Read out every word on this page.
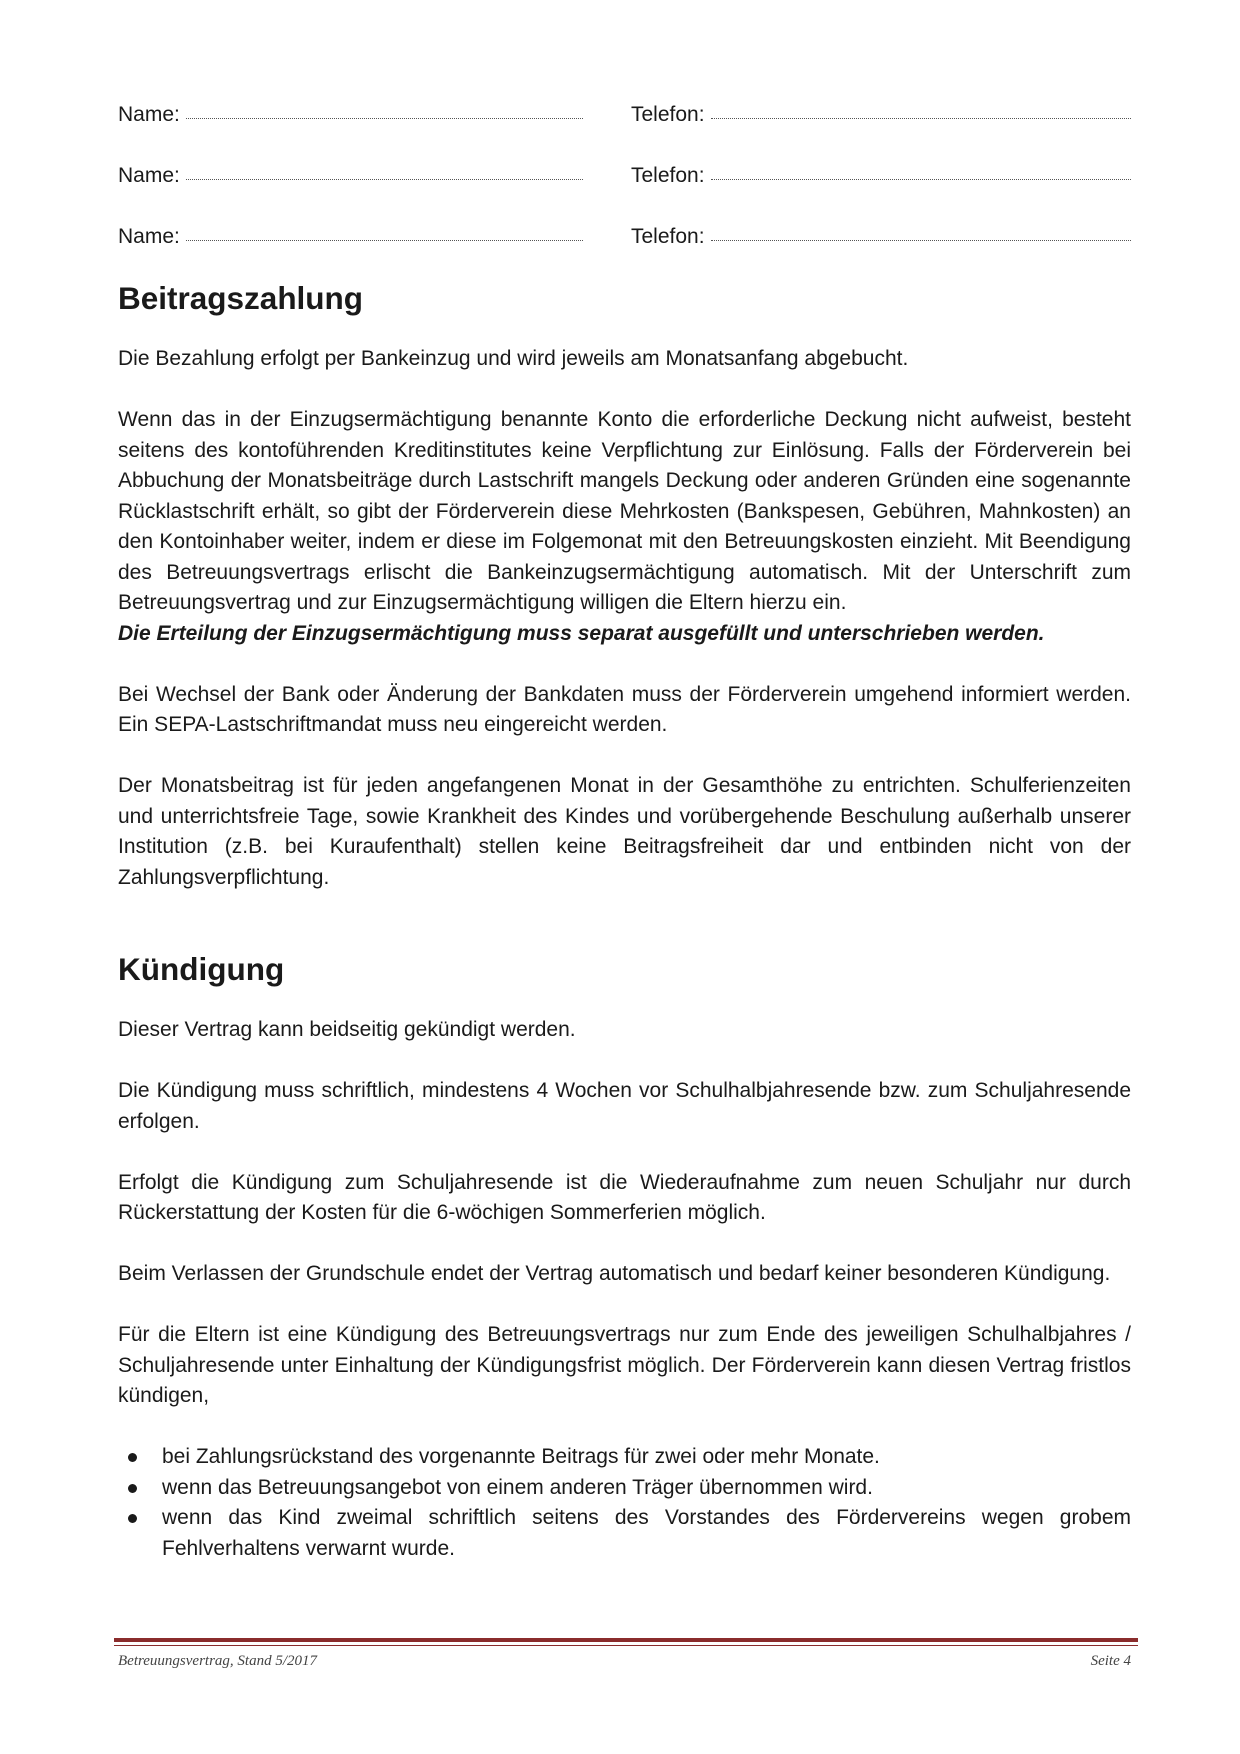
Name:	Telefon:
Name:	Telefon:
Name:	Telefon:
Beitragszahlung

Die Bezahlung erfolgt per Bankeinzug und wird jeweils am Monatsanfang abgebucht.

Wenn das in der Einzugsermächtigung benannte Konto die erforderliche Deckung nicht aufweist, besteht seitens des kontoführenden Kreditinstitutes keine Verpflichtung zur Einlösung. Falls der Förderverein bei Abbuchung der Monatsbeiträge durch Lastschrift mangels Deckung oder anderen Gründen eine sogenannte Rücklastschrift erhält, so gibt der Förderverein diese Mehrkosten (Bankspesen, Gebühren, Mahnkosten) an den Kontoinhaber weiter, indem er diese im Folgemonat mit den Betreuungskosten einzieht. Mit Beendigung des Betreuungsvertrags erlischt die Bankeinzugsermächtigung automatisch. Mit der Unterschrift zum Betreuungsvertrag und zur Einzugsermächtigung willigen die Eltern hierzu ein.

Die Erteilung der Einzugsermächtigung muss separat ausgefüllt und unterschrieben werden.

Bei Wechsel der Bank oder Änderung der Bankdaten muss der Förderverein umgehend informiert werden. Ein SEPA-Lastschriftmandat muss neu eingereicht werden.

Der Monatsbeitrag ist für jeden angefangenen Monat in der Gesamthöhe zu entrichten. Schulferienzeiten und unterrichtsfreie Tage, sowie Krankheit des Kindes und vorübergehende Beschulung außerhalb unserer Institution (z.B. bei Kuraufenthalt) stellen keine Beitragsfreiheit dar und entbinden nicht von der Zahlungsverpflichtung.

Kündigung

Dieser Vertrag kann beidseitig gekündigt werden.

Die Kündigung muss schriftlich, mindestens 4 Wochen vor Schulhalbjahresende bzw. zum Schuljahresende erfolgen.

Erfolgt die Kündigung zum Schuljahresende ist die Wiederaufnahme zum neuen Schuljahr nur durch Rückerstattung der Kosten für die 6-wöchigen Sommerferien möglich.

Beim Verlassen der Grundschule endet der Vertrag automatisch und bedarf keiner besonderen Kündigung.

Für die Eltern ist eine Kündigung des Betreuungsvertrags nur zum Ende des jeweiligen Schulhalbjahres / Schuljahresende unter Einhaltung der Kündigungsfrist möglich. Der Förderverein kann diesen Vertrag fristlos kündigen,

bei Zahlungsrückstand des vorgenannte Beitrags für zwei oder mehr Monate.
wenn das Betreuungsangebot von einem anderen Träger übernommen wird.
wenn das Kind zweimal schriftlich seitens des Vorstandes des Fördervereins wegen grobem Fehlverhaltens verwarnt wurde.
Betreuungsvertrag, Stand 5/2017	Seite 4
